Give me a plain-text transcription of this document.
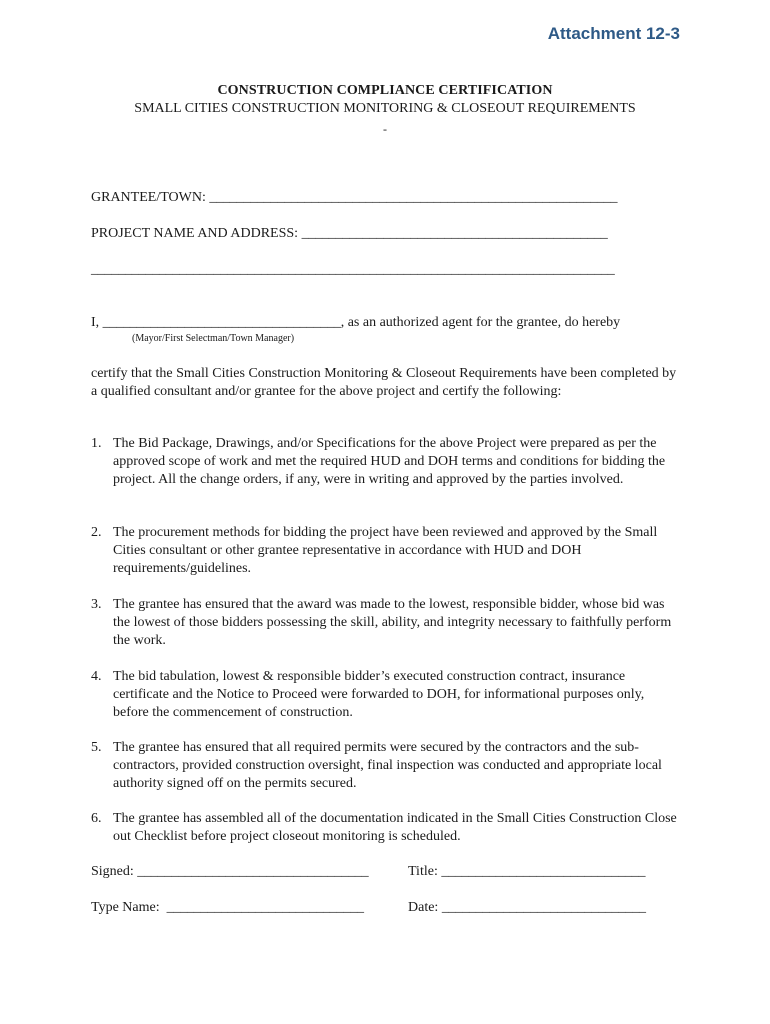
Attachment 12-3
CONSTRUCTION COMPLIANCE CERTIFICATION
SMALL CITIES CONSTRUCTION MONITORING & CLOSEOUT REQUIREMENTS
-
GRANTEE/TOWN: ____________________________________________________________
PROJECT NAME AND ADDRESS: _____________________________________________
_____________________________________________________________________________
I, ___________________________________, as an authorized agent for the grantee, do hereby
(Mayor/First Selectman/Town Manager)
certify that the Small Cities Construction Monitoring & Closeout Requirements have been completed by a qualified consultant and/or grantee for the above project and certify the following:
1. The Bid Package, Drawings, and/or Specifications for the above Project were prepared as per the approved scope of work and met the required HUD and DOH terms and conditions for bidding the project. All the change orders, if any, were in writing and approved by the parties involved.
2. The procurement methods for bidding the project have been reviewed and approved by the Small Cities consultant or other grantee representative in accordance with HUD and DOH requirements/guidelines.
3. The grantee has ensured that the award was made to the lowest, responsible bidder, whose bid was the lowest of those bidders possessing the skill, ability, and integrity necessary to faithfully perform the work.
4. The bid tabulation, lowest & responsible bidder’s executed construction contract, insurance certificate and the Notice to Proceed were forwarded to DOH, for informational purposes only, before the commencement of construction.
5. The grantee has ensured that all required permits were secured by the contractors and the sub-contractors, provided construction oversight, final inspection was conducted and appropriate local authority signed off on the permits secured.
6. The grantee has assembled all of the documentation indicated in the Small Cities Construction Close out Checklist before project closeout monitoring is scheduled.
Signed: __________________________________	Title: ______________________________
Type Name: _____________________________	Date: ______________________________
